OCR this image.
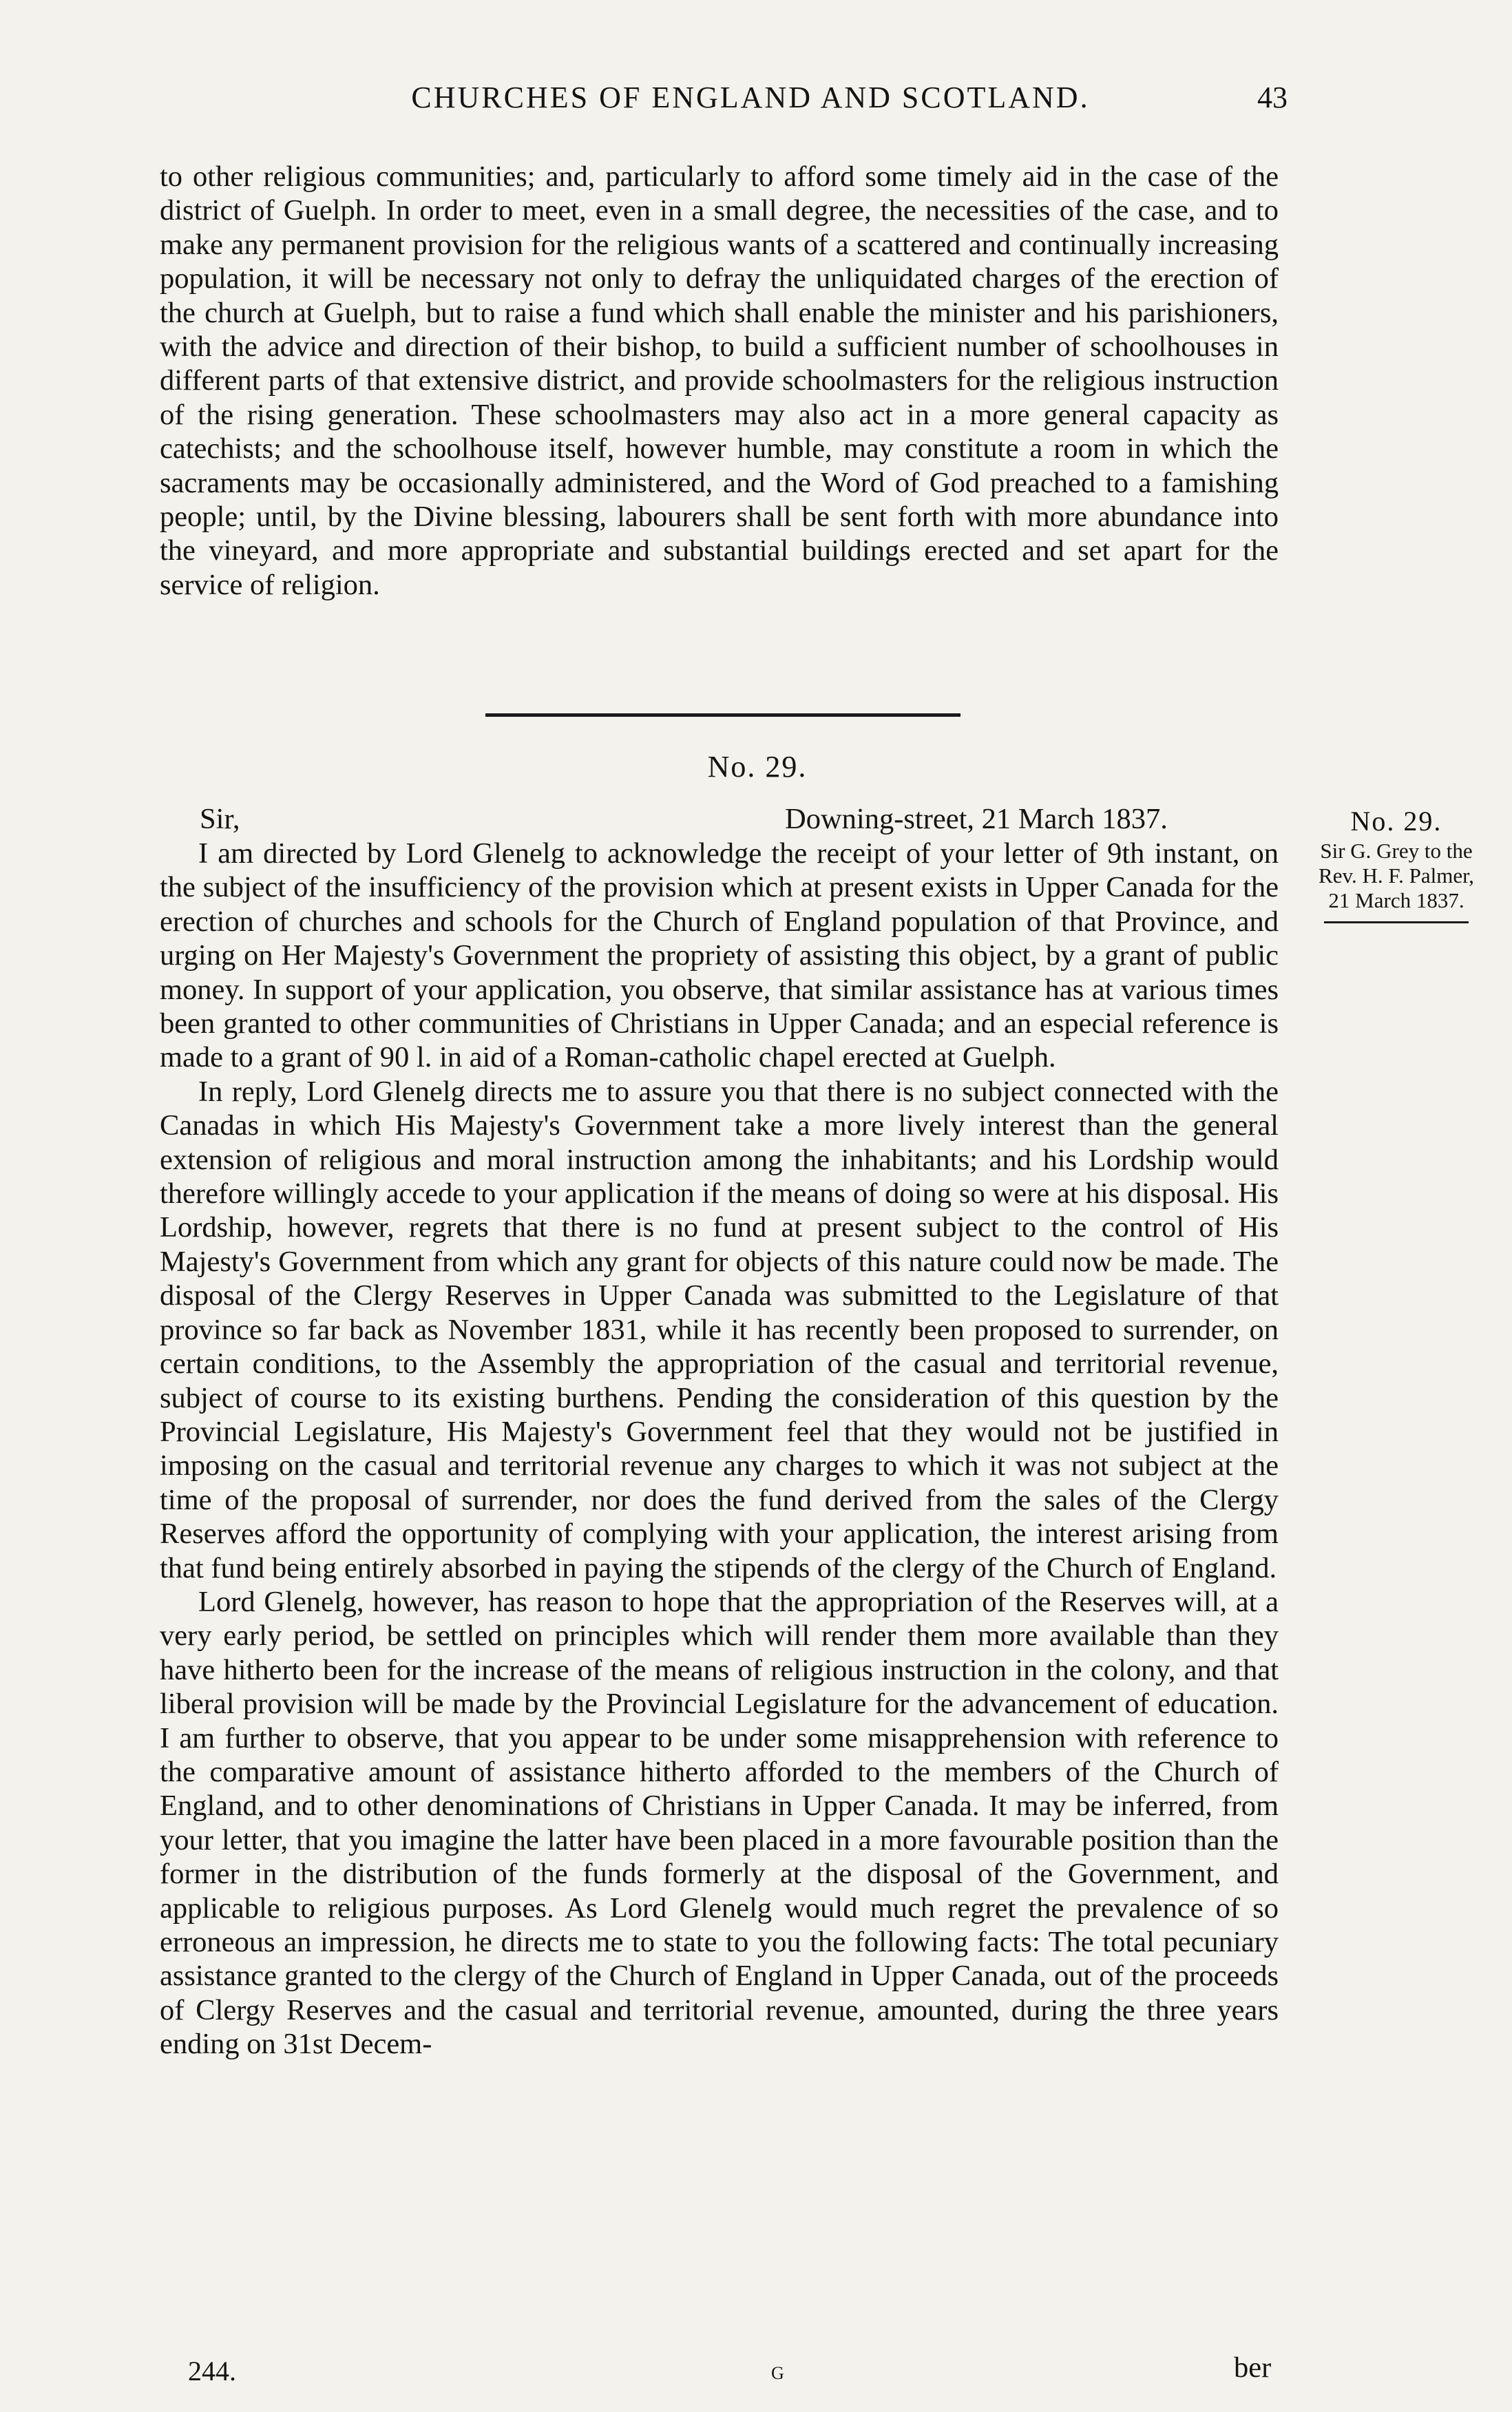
CHURCHES OF ENGLAND AND SCOTLAND.	43

to other religious communities; and, particularly to afford some timely aid in the case of the district of Guelph. In order to meet, even in a small degree, the necessities of the case, and to make any permanent provision for the religious wants of a scattered and continually increasing population, it will be necessary not only to defray the unliquidated charges of the erection of the church at Guelph, but to raise a fund which shall enable the minister and his parishioners, with the advice and direction of their bishop, to build a sufficient number of schoolhouses in different parts of that extensive district, and provide schoolmasters for the religious instruction of the rising generation. These schoolmasters may also act in a more general capacity as catechists; and the schoolhouse itself, however humble, may constitute a room in which the sacraments may be occasionally administered, and the Word of God preached to a famishing people; until, by the Divine blessing, labourers shall be sent forth with more abundance into the vineyard, and more appropriate and substantial buildings erected and set apart for the service of religion.

No. 29.
Sir,	Downing-street, 21 March 1837.

I am directed by Lord Glenelg to acknowledge the receipt of your letter of 9th instant, on the subject of the insufficiency of the provision which at present exists in Upper Canada for the erection of churches and schools for the Church of England population of that Province, and urging on Her Majesty's Government the propriety of assisting this object, by a grant of public money. In support of your application, you observe, that similar assistance has at various times been granted to other communities of Christians in Upper Canada; and an especial reference is made to a grant of 90 l. in aid of a Roman-catholic chapel erected at Guelph.

In reply, Lord Glenelg directs me to assure you that there is no subject connected with the Canadas in which His Majesty's Government take a more lively interest than the general extension of religious and moral instruction among the inhabitants; and his Lordship would therefore willingly accede to your application if the means of doing so were at his disposal. His Lordship, however, regrets that there is no fund at present subject to the control of His Majesty's Government from which any grant for objects of this nature could now be made. The disposal of the Clergy Reserves in Upper Canada was submitted to the Legislature of that province so far back as November 1831, while it has recently been proposed to surrender, on certain conditions, to the Assembly the appropriation of the casual and territorial revenue, subject of course to its existing burthens. Pending the consideration of this question by the Provincial Legislature, His Majesty's Government feel that they would not be justified in imposing on the casual and territorial revenue any charges to which it was not subject at the time of the proposal of surrender, nor does the fund derived from the sales of the Clergy Reserves afford the opportunity of complying with your application, the interest arising from that fund being entirely absorbed in paying the stipends of the clergy of the Church of England.

Lord Glenelg, however, has reason to hope that the appropriation of the Reserves will, at a very early period, be settled on principles which will render them more available than they have hitherto been for the increase of the means of religious instruction in the colony, and that liberal provision will be made by the Provincial Legislature for the advancement of education. I am further to observe, that you appear to be under some misapprehension with reference to the comparative amount of assistance hitherto afforded to the members of the Church of England, and to other denominations of Christians in Upper Canada. It may be inferred, from your letter, that you imagine the latter have been placed in a more favourable position than the former in the distribution of the funds formerly at the disposal of the Government, and applicable to religious purposes. As Lord Glenelg would much regret the prevalence of so erroneous an impression, he directs me to state to you the following facts: The total pecuniary assistance granted to the clergy of the Church of England in Upper Canada, out of the proceeds of Clergy Reserves and the casual and territorial revenue, amounted, during the three years ending on 31st Decem-

No. 29.
Sir G. Grey to the
Rev. H. F. Palmer,
21 March 1837.
244.	G	ber
